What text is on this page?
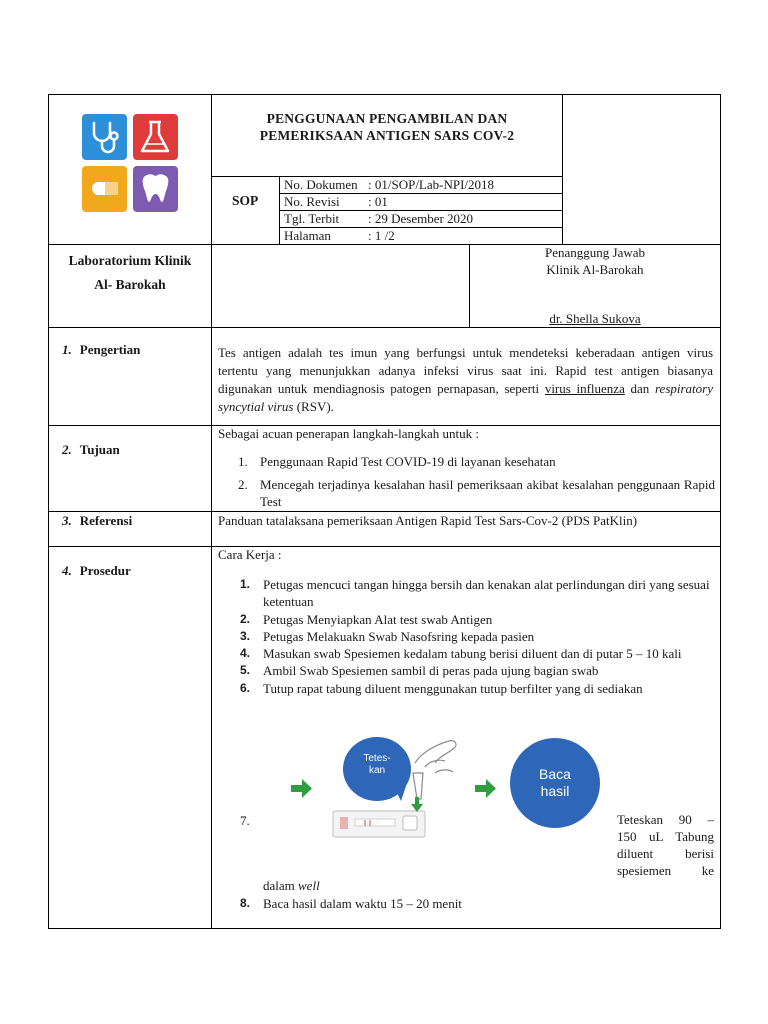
PENGGUNAAN PENGAMBILAN DAN
PEMERIKSAAN ANTIGEN SARS COV-2
SOP
No. Dokumen : 01/SOP/Lab-NPI/2018
No. Revisi : 01
Tgl. Terbit : 29 Desember 2020
Halaman	: 1 /2
Laboratorium Klinik
Al- Barokah
Penanggung Jawab
Klinik Al-Barokah
dr. Shella Sukova
1. Pengertian	Tes antigen adalah tes imun yang berfungsi untuk mendeteksi keberadaan antigen virus tertentu yang menunjukkan adanya infeksi virus saat ini. Rapid test antigen biasanya digunakan untuk mendiagnosis patogen pernapasan, seperti virus influenza dan respiratory syncytial virus (RSV).
2. Tujuan
Sebagai acuan penerapan langkah-langkah untuk :
1. Penggunaan Rapid Test COVID-19 di layanan kesehatan
2. Mencegah terjadinya kesalahan hasil pemeriksaan akibat kesalahan penggunaan Rapid Test
3. Referensi	Panduan tatalaksana pemeriksaan Antigen Rapid Test Sars-Cov-2 (PDS PatKlin)
4. Prosedur
Cara Kerja :
1. Petugas mencuci tangan hingga bersih dan kenakan alat perlindungan diri yang sesuai ketentuan
2. Petugas Menyiapkan Alat test swab Antigen
3. Petugas Melakuakn Swab Nasofsring kepada pasien
4. Masukan swab Spesiemen kedalam tabung berisi diluent dan di putar 5 – 10 kali
5. Ambil Swab Spesiemen sambil di peras pada ujung bagian swab
6. Tutup rapat tabung diluent menggunakan tutup berfilter yang di sediakan
Tetes-
kan	Baca
hasil
7.	Teteskan 90 –
150 uL Tabung
diluent berisi
spesiemen ke
dalam well
8. Baca hasil dalam waktu 15 – 20 menit
